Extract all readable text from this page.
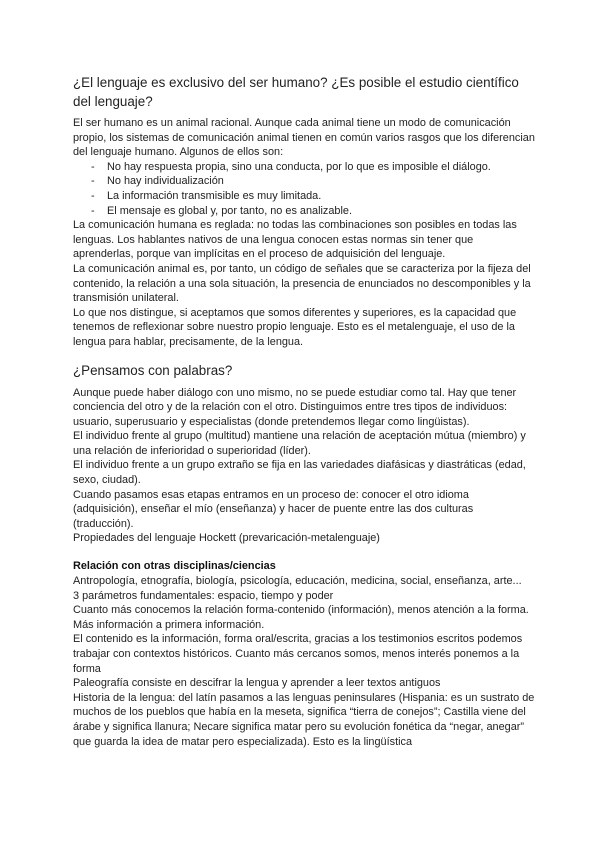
¿El lenguaje es exclusivo del ser humano? ¿Es posible el estudio científico del lenguaje?

El ser humano es un animal racional. Aunque cada animal tiene un modo de comunicación propio, los sistemas de comunicación animal tienen en común varios rasgos que los diferencian del lenguaje humano. Algunos de ellos son:

- No hay respuesta propia, sino una conducta, por lo que es imposible el diálogo.
- No hay individualización
- La información transmisible es muy limitada.
- El mensaje es global y, por tanto, no es analizable.

La comunicación humana es reglada: no todas las combinaciones son posibles en todas las lenguas. Los hablantes nativos de una lengua conocen estas normas sin tener que aprenderlas, porque van implícitas en el proceso de adquisición del lenguaje.

La comunicación animal es, por tanto, un código de señales que se caracteriza por la fijeza del contenido, la relación a una sola situación, la presencia de enunciados no descomponibles y la transmisión unilateral.

Lo que nos distingue, si aceptamos que somos diferentes y superiores, es la capacidad que tenemos de reflexionar sobre nuestro propio lenguaje. Esto es el metalenguaje, el uso de la lengua para hablar, precisamente, de la lengua.

¿Pensamos con palabras?

Aunque puede haber diálogo con uno mismo, no se puede estudiar como tal. Hay que tener conciencia del otro y de la relación con el otro. Distinguimos entre tres tipos de individuos: usuario, superusuario y especialistas (donde pretendemos llegar como lingüistas).

El individuo frente al grupo (multitud) mantiene una relación de aceptación mútua (miembro) y una relación de inferioridad o superioridad (líder).

El individuo frente a un grupo extraño se fija en las variedades diafásicas y diastráticas (edad, sexo, ciudad).

Cuando pasamos esas etapas entramos en un proceso de: conocer el otro idioma (adquisición), enseñar el mío (enseñanza) y hacer de puente entre las dos culturas (traducción).

Propiedades del lenguaje Hockett (prevaricación-metalenguaje)

Relación con otras disciplinas/ciencias

Antropología, etnografía, biología, psicología, educación, medicina, social, enseñanza, arte...

3 parámetros fundamentales: espacio, tiempo y poder

Cuanto más conocemos la relación forma-contenido (información), menos atención a la forma. Más información a primera información.

El contenido es la información, forma oral/escrita, gracias a los testimonios escritos podemos trabajar con contextos históricos. Cuanto más cercanos somos, menos interés ponemos a la forma

Paleografía consiste en descifrar la lengua y aprender a leer textos antiguos

Historia de la lengua: del latín pasamos a las lenguas peninsulares (Hispania: es un sustrato de muchos de los pueblos que había en la meseta, significa “tierra de conejos”; Castilla viene del árabe y significa llanura; Necare significa matar pero su evolución fonética da “negar, anegar” que guarda la idea de matar pero especializada). Esto es la lingüística
